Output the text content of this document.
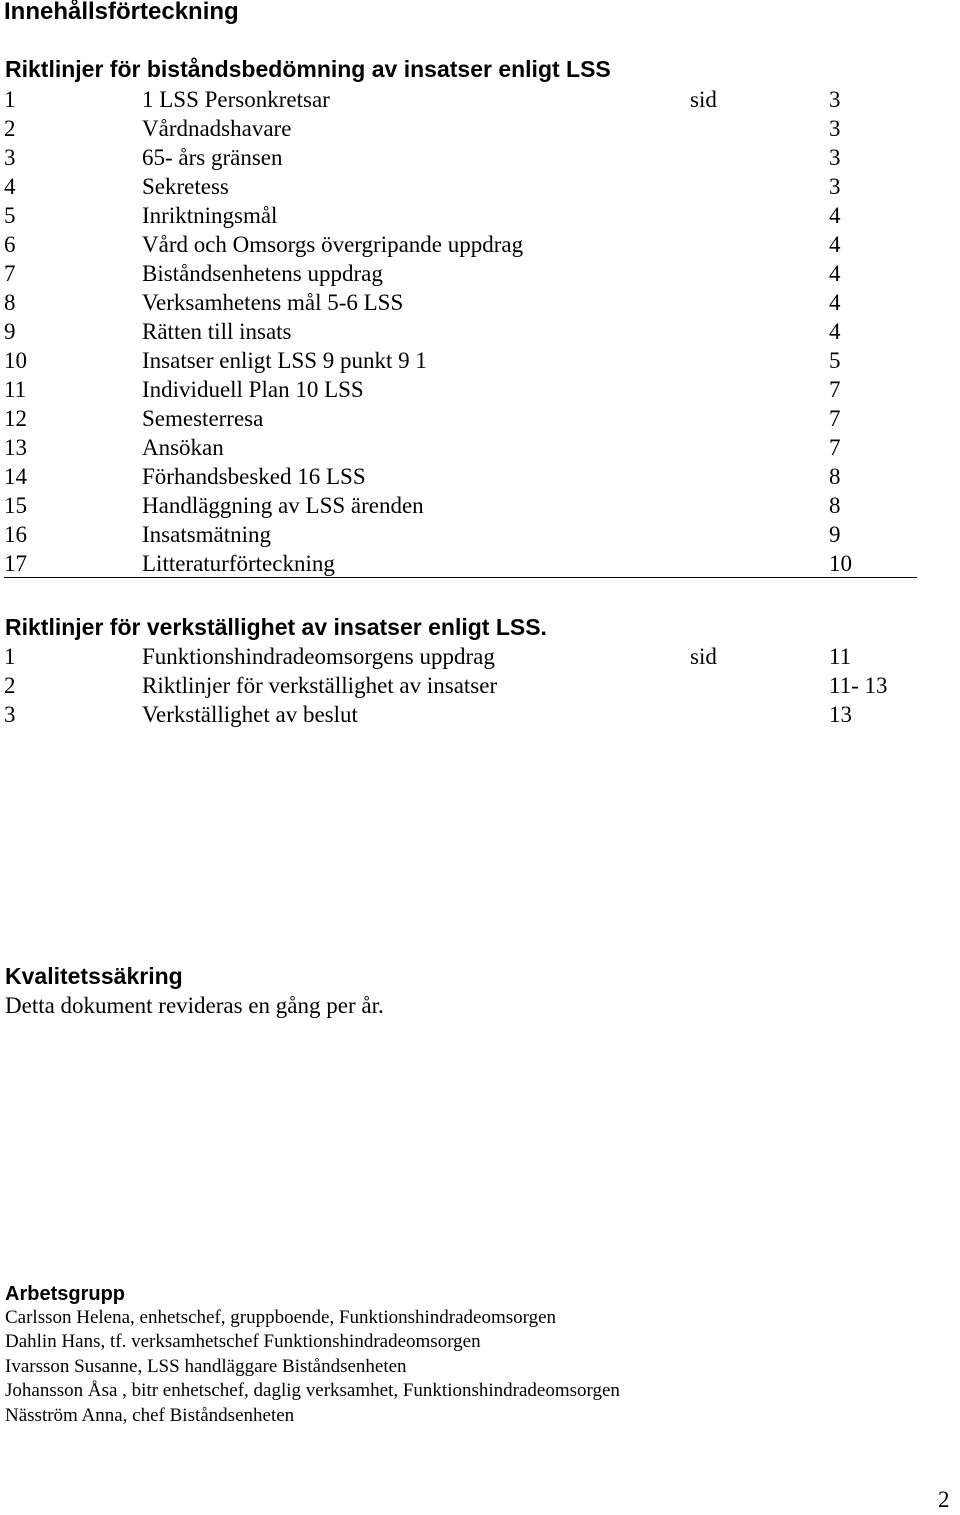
Innehållsförteckning
Riktlinjer för biståndsbedömning av insatser enligt LSS
1	1 LSS Personkretsar	sid	3
2	Vårdnadshavare	3
3	65- års gränsen	3
4	Sekretess	3
5	Inriktningsmål	4
6	Vård och Omsorgs övergripande uppdrag	4
7	Biståndsenhetens uppdrag	4
8	Verksamhetens mål 5-6 LSS	4
9	Rätten till insats	4
10	Insatser enligt LSS 9 punkt 9 1	5
11	Individuell Plan 10 LSS	7
12	Semesterresa	7
13	Ansökan	7
14	Förhandsbesked 16 LSS	8
15	Handläggning av LSS ärenden	8
16	Insatsmätning	9
17	Litteraturförteckning	10
Riktlinjer för verkställighet av insatser enligt LSS.
1	Funktionshindradeomsorgens uppdrag	sid	11
2	Riktlinjer för verkställighet av insatser	11- 13
3	Verkställighet av beslut	13
Kvalitetssäkring
Detta dokument revideras en gång per år.
Arbetsgrupp
Carlsson Helena, enhetschef, gruppboende, Funktionshindradeomsorgen
Dahlin Hans, tf. verksamhetschef Funktionshindradeomsorgen
Ivarsson Susanne, LSS handläggare Biståndsenheten
Johansson Åsa , bitr enhetschef, daglig verksamhet, Funktionshindradeomsorgen
Näsström Anna, chef Biståndsenheten
2
